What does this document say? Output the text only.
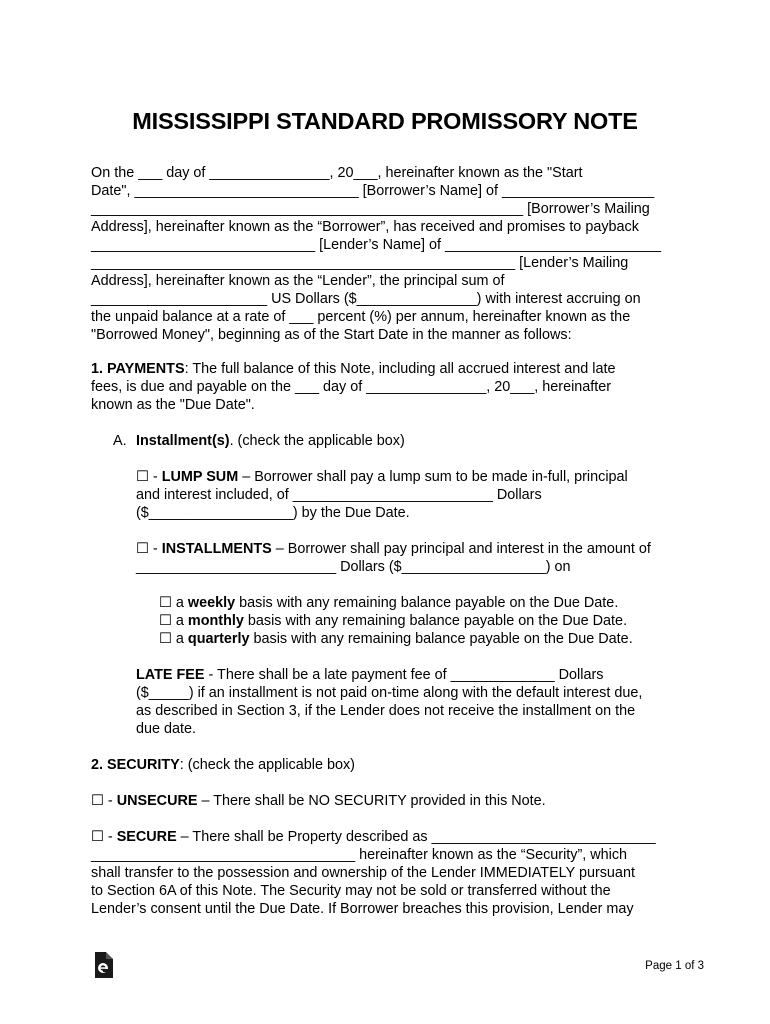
MISSISSIPPI STANDARD PROMISSORY NOTE

On the ___ day of _______________, 20___, hereinafter known as the "Start

Date", ____________________________ [Borrower’s Name] of ___________________

______________________________________________________ [Borrower’s Mailing

Address], hereinafter known as the “Borrower”, has received and promises to payback

____________________________ [Lender’s Name] of ___________________________

_____________________________________________________ [Lender’s Mailing

Address], hereinafter known as the “Lender”, the principal sum of

______________________ US Dollars ($_______________) with interest accruing on

the unpaid balance at a rate of ___ percent (%) per annum, hereinafter known as the

"Borrowed Money", beginning as of the Start Date in the manner as follows:

1. PAYMENTS: The full balance of this Note, including all accrued interest and late

fees, is due and payable on the ___ day of _______________, 20___, hereinafter

known as the "Due Date".

A. Installment(s). (check the applicable box)

☐ - LUMP SUM – Borrower shall pay a lump sum to be made in-full, principal

and interest included, of _________________________ Dollars

($__________________) by the Due Date.

☐ - INSTALLMENTS – Borrower shall pay principal and interest in the amount of

_________________________ Dollars ($__________________) on

☐ a weekly basis with any remaining balance payable on the Due Date.

☐ a monthly basis with any remaining balance payable on the Due Date.

☐ a quarterly basis with any remaining balance payable on the Due Date.

LATE FEE - There shall be a late payment fee of _____________ Dollars

($_____) if an installment is not paid on-time along with the default interest due,

as described in Section 3, if the Lender does not receive the installment on the

due date.

2. SECURITY: (check the applicable box)

☐ - UNSECURE – There shall be NO SECURITY provided in this Note.

☐ - SECURE – There shall be Property described as ____________________________

_________________________________ hereinafter known as the “Security”, which

shall transfer to the possession and ownership of the Lender IMMEDIATELY pursuant

to Section 6A of this Note. The Security may not be sold or transferred without the

Lender’s consent until the Due Date. If Borrower breaches this provision, Lender may

Page 1 of 3
